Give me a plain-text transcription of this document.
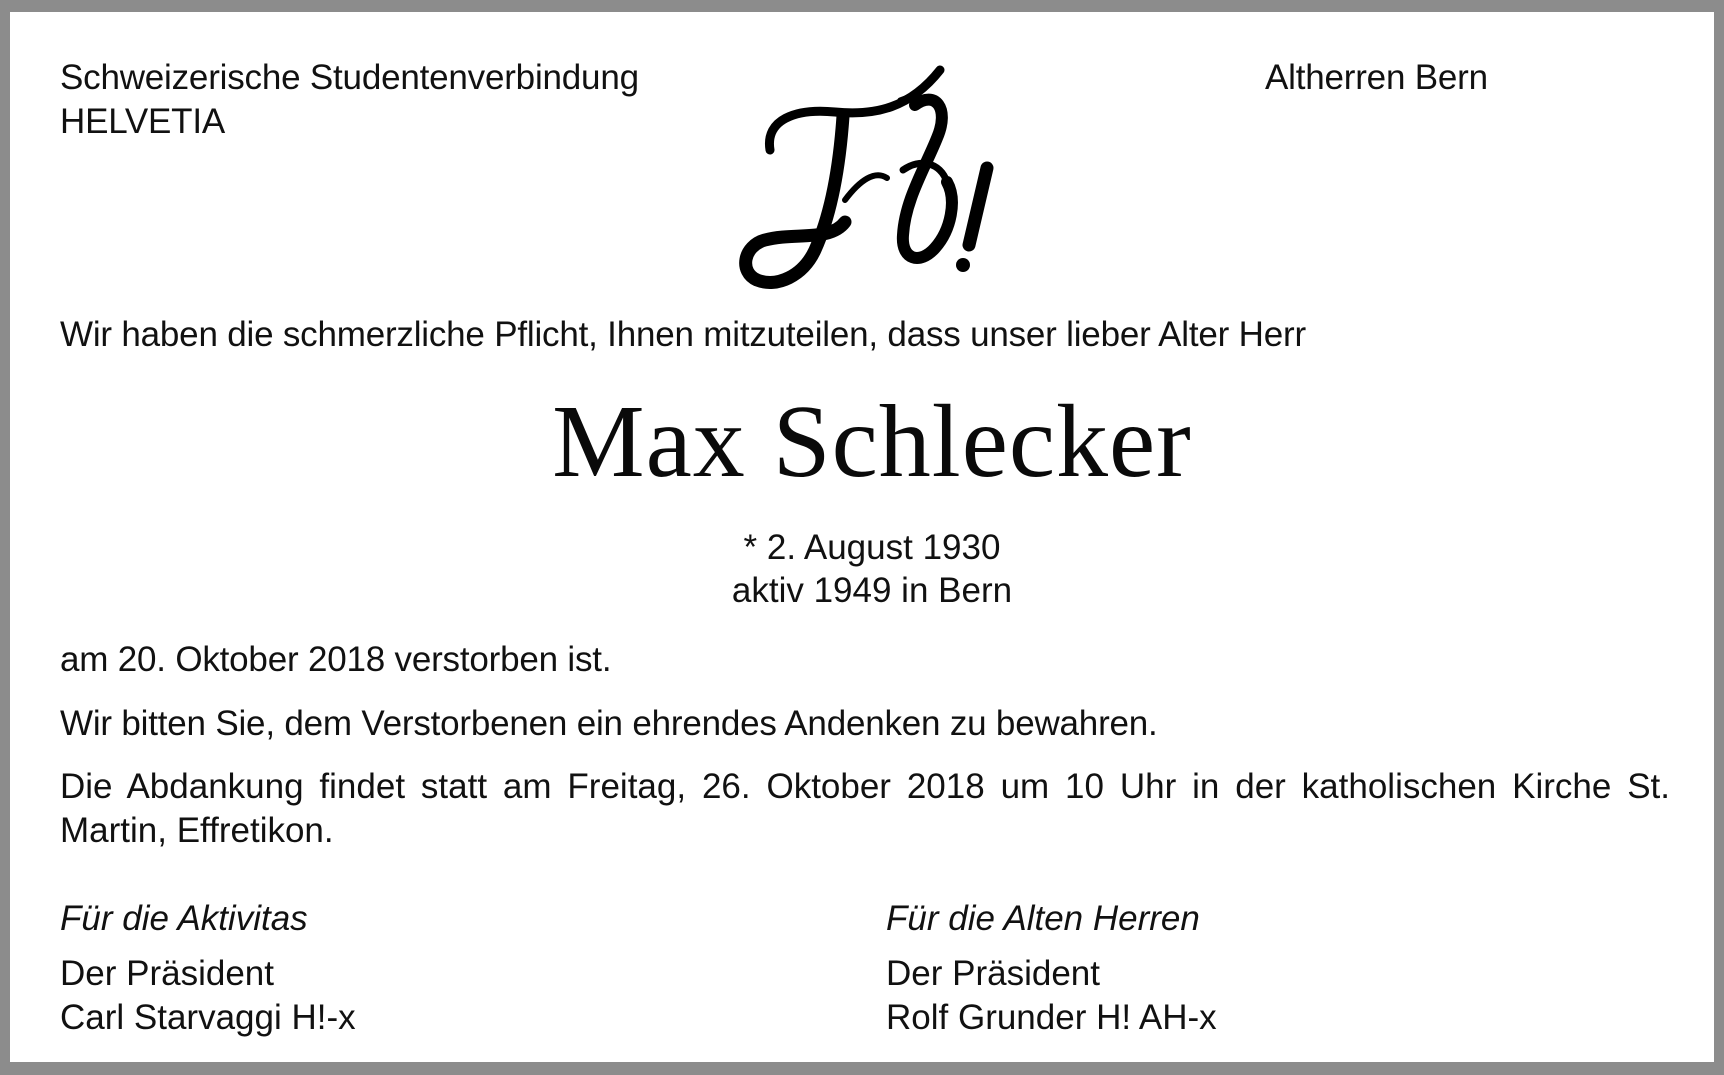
Schweizerische Studentenverbindung
HELVETIA
Altherren Bern
Wir haben die schmerzliche Pflicht, Ihnen mitzuteilen, dass unser lieber Alter Herr
Max Schlecker
* 2. August 1930
aktiv 1949 in Bern
am 20. Oktober 2018 verstorben ist.
Wir bitten Sie, dem Verstorbenen ein ehrendes Andenken zu bewahren.
Die Abdankung findet statt am Freitag, 26. Oktober 2018 um 10 Uhr in der katholischen Kirche St. Martin, Effretikon.
Für die Aktivitas	Für die Alten Herren
Der Präsident
Carl Starvaggi H!-x
Der Präsident
Rolf Grunder H! AH-x
